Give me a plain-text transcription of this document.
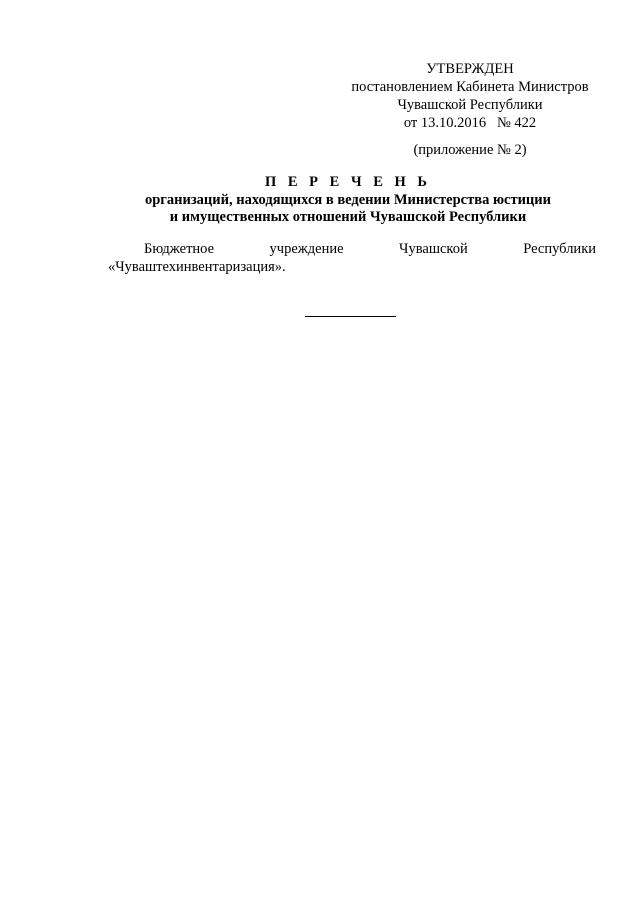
УТВЕРЖДЕН
постановлением Кабинета Министров
Чувашской Республики
от 13.10.2016   № 422
(приложение № 2)
П Е Р Е Ч Е Н Ь
организаций, находящихся в ведении Министерства юстиции
и имущественных отношений Чувашской Республики

Бюджетное учреждение Чувашской Республики «Чуваштехинвентаризация».
